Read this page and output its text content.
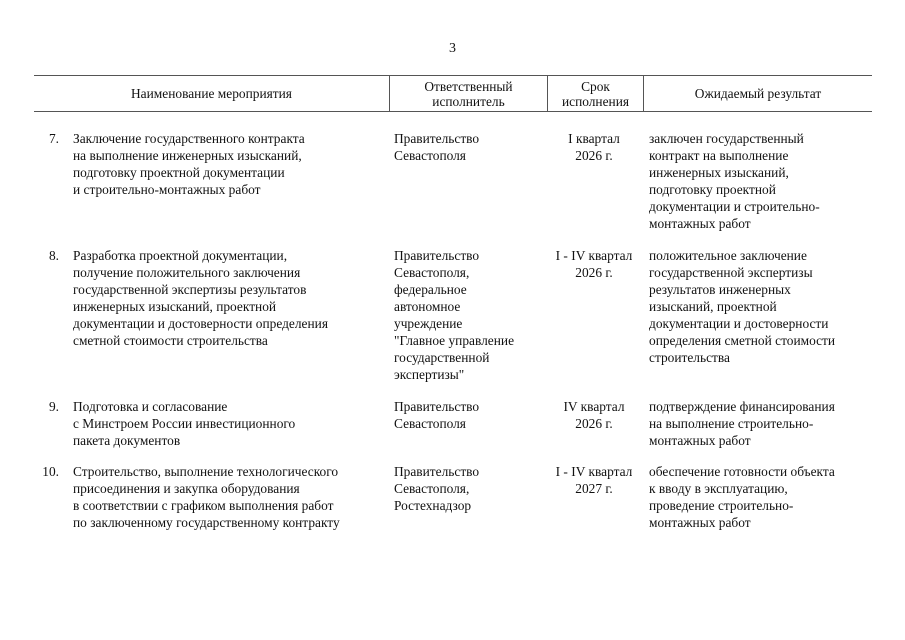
3
Наименование мероприятия	Ответственный
исполнитель
Срок
исполнения	Ожидаемый результат
7. Заключение государственного контракта
на выполнение инженерных изысканий,
подготовку проектной документации
и строительно-монтажных работ
Правительство
Севастополя
I квартал
2026 г.
заключен государственный
контракт на выполнение
инженерных изысканий,
подготовку проектной
документации и строительно-
монтажных работ
8. Разработка проектной документации,
получение положительного заключения
государственной экспертизы результатов
инженерных изысканий, проектной
документации и достоверности определения
сметной стоимости строительства
Правительство
Севастополя,
федеральное
автономное
учреждение
"Главное управление
государственной
экспертизы"
I - IV квартал
2026 г.
положительное заключение
государственной экспертизы
результатов инженерных
изысканий, проектной
документации и достоверности
определения сметной стоимости
строительства
9. Подготовка и согласование
с Минстроем России инвестиционного
пакета документов
Правительство
Севастополя
IV квартал
2026 г.
подтверждение финансирования
на выполнение строительно-
монтажных работ
10. Строительство, выполнение технологического
присоединения и закупка оборудования
в соответствии с графиком выполнения работ
по заключенному государственному контракту
Правительство
Севастополя,
Ростехнадзор
I - IV квартал
2027 г.
обеспечение готовности объекта
к вводу в эксплуатацию,
проведение строительно-
монтажных работ
